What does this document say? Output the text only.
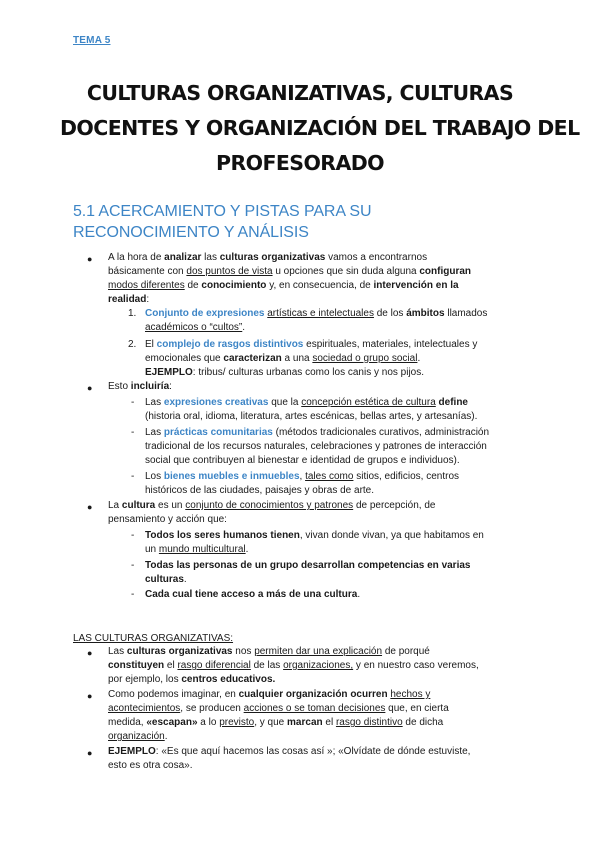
TEMA 5
CULTURAS ORGANIZATIVAS, CULTURAS
DOCENTES Y ORGANIZACIÓN DEL TRABAJO DEL
PROFESORADO
5.1 ACERCAMIENTO Y PISTAS PARA SU
RECONOCIMIENTO Y ANÁLISIS
● A la hora de analizar las culturas organizativas vamos a encontrarnos
básicamente con dos puntos de vista u opciones que sin duda alguna configuran
modos diferentes de conocimiento y, en consecuencia, de intervención en la
realidad:
1. Conjunto de expresiones artísticas e intelectuales de los ámbitos llamados
académicos o “cultos”.
2. El complejo de rasgos distintivos espirituales, materiales, intelectuales y
emocionales que caracterizan a una sociedad o grupo social.
EJEMPLO: tribus/ culturas urbanas como los canis y nos pijos.
● Esto incluiría:
- Las expresiones creativas que la concepción estética de cultura define
(historia oral, idioma, literatura, artes escénicas, bellas artes, y artesanías).
- Las prácticas comunitarias (métodos tradicionales curativos, administración
tradicional de los recursos naturales, celebraciones y patrones de interacción
social que contribuyen al bienestar e identidad de grupos e individuos).
- Los bienes muebles e inmuebles, tales como sitios, edificios, centros
históricos de las ciudades, paisajes y obras de arte.
● La cultura es un conjunto de conocimientos y patrones de percepción, de
pensamiento y acción que:
- Todos los seres humanos tienen, vivan donde vivan, ya que habitamos en
un mundo multicultural.
- Todas las personas de un grupo desarrollan competencias en varias
culturas.
- Cada cual tiene acceso a más de una cultura.
LAS CULTURAS ORGANIZATIVAS:
● Las culturas organizativas nos permiten dar una explicación de porqué
constituyen el rasgo diferencial de las organizaciones, y en nuestro caso veremos,
por ejemplo, los centros educativos.
● Como podemos imaginar, en cualquier organización ocurren hechos y
acontecimientos, se producen acciones o se toman decisiones que, en cierta
medida, «escapan» a lo previsto, y que marcan el rasgo distintivo de dicha
organización.
● EJEMPLO: «Es que aquí hacemos las cosas así »; «Olvídate de dónde estuviste,
esto es otra cosa».
